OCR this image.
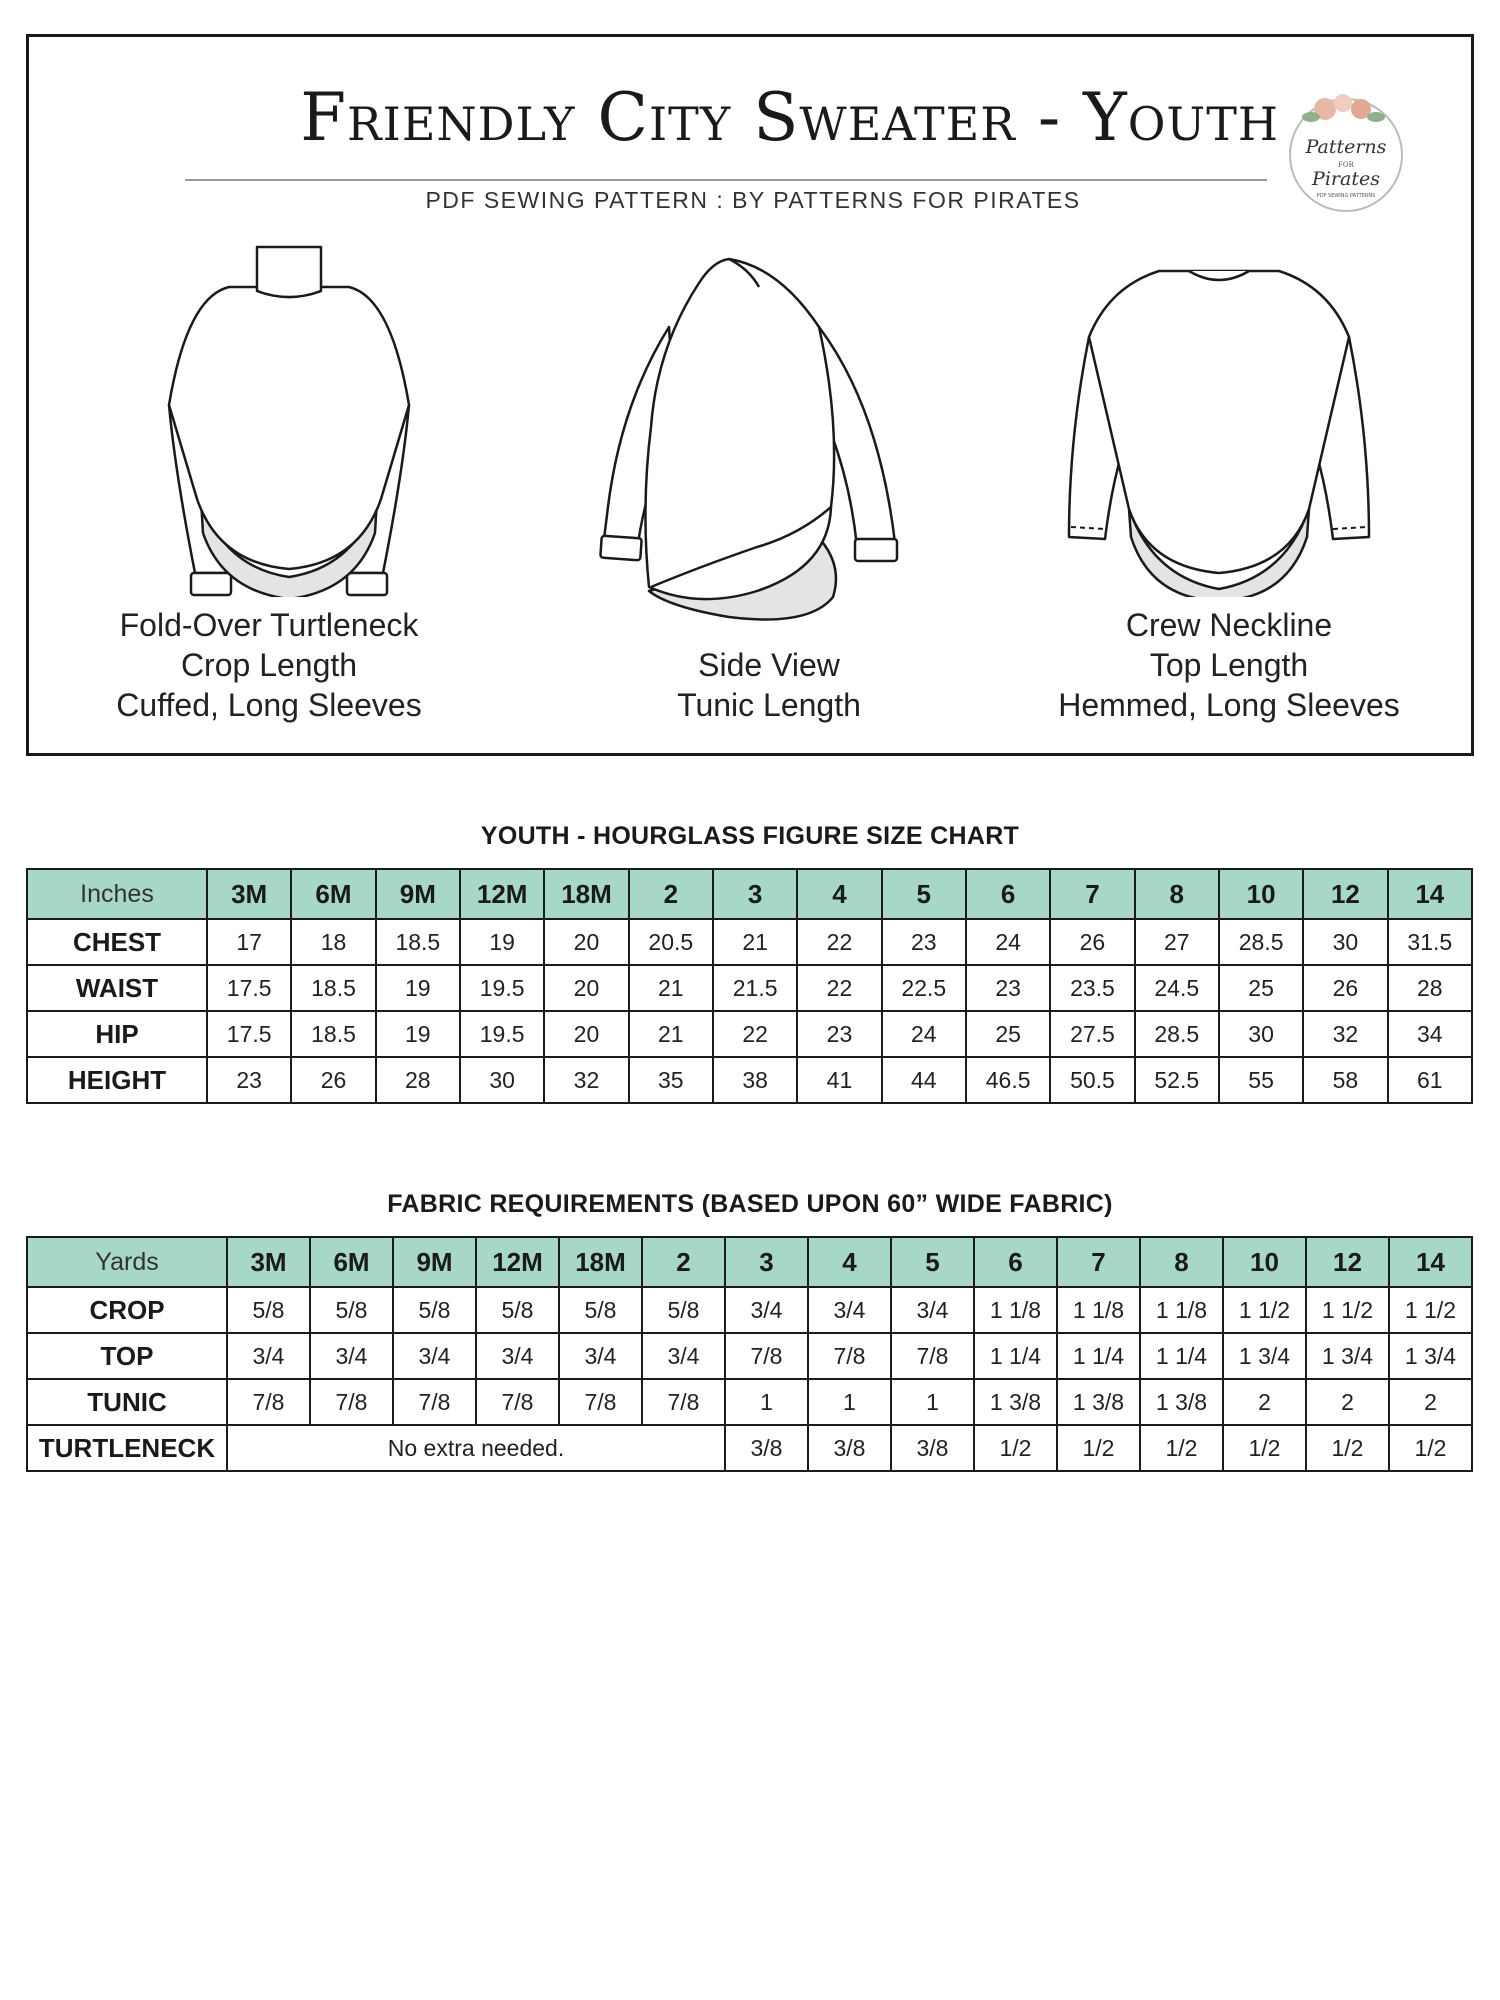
Friendly City Sweater - Youth
PDF SEWING PATTERN : BY PATTERNS FOR PIRATES
Patterns
FOR
Pirates
PDF SEWING PATTERNS
Fold-Over Turtleneck
Crop Length
Cuffed, Long Sleeves
Side View
Tunic Length
Crew Neckline
Top Length
Hemmed, Long Sleeves
YOUTH - HOURGLASS FIGURE SIZE CHART
Inches	3M	6M	9M	12M	18M	2	3	4	5	6	7	8	10	12	14
CHEST	17	18	18.5	19	20	20.5	21	22	23	24	26	27	28.5	30	31.5
WAIST	17.5	18.5	19	19.5	20	21	21.5	22	22.5	23	23.5	24.5	25	26	28
HIP	17.5	18.5	19	19.5	20	21	22	23	24	25	27.5	28.5	30	32	34
HEIGHT	23	26	28	30	32	35	38	41	44	46.5	50.5	52.5	55	58	61
FABRIC REQUIREMENTS (BASED UPON 60” WIDE FABRIC)
Yards	3M	6M	9M	12M	18M	2	3	4	5	6	7	8	10	12	14
CROP	5/8	5/8	5/8	5/8	5/8	5/8	3/4	3/4	3/4	1 1/8	1 1/8	1 1/8	1 1/2	1 1/2	1 1/2
TOP	3/4	3/4	3/4	3/4	3/4	3/4	7/8	7/8	7/8	1 1/4	1 1/4	1 1/4	1 3/4	1 3/4	1 3/4
TUNIC	7/8	7/8	7/8	7/8	7/8	7/8	1	1	1	1 3/8	1 3/8	1 3/8	2	2	2
TURTLENECK	No extra needed.						3/8	3/8	3/8	1/2	1/2	1/2	1/2	1/2	1/2
